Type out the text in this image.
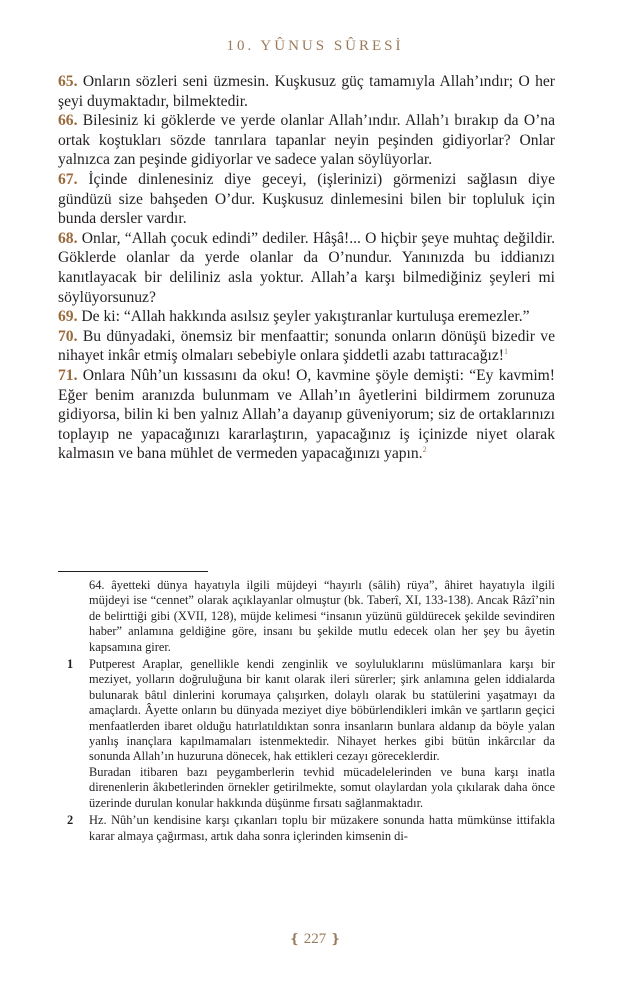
10. YÛNUS SÛRESİ

65. Onların sözleri seni üzmesin. Kuşkusuz güç tamamıyla Allah’ındır; O her şeyi duymaktadır, bilmektedir.

66. Bilesiniz ki göklerde ve yerde olanlar Allah’ındır. Allah’ı bırakıp da O’na ortak koştukları sözde tanrılara tapanlar neyin peşinden gidiyorlar? Onlar yalnızca zan peşinde gidiyorlar ve sadece yalan söylüyorlar.

67. İçinde dinlenesiniz diye geceyi, (işlerinizi) görmenizi sağlasın diye gündüzü size bahşeden O’dur. Kuşkusuz dinlemesini bilen bir topluluk için bunda dersler vardır.

68. Onlar, “Allah çocuk edindi” dediler. Hâşâ!... O hiçbir şeye muhtaç değildir. Göklerde olanlar da yerde olanlar da O’nundur. Yanınızda bu iddianızı kanıtlayacak bir deliliniz asla yoktur. Allah’a karşı bilmediğiniz şeyleri mi söylüyorsunuz?

69. De ki: “Allah hakkında asılsız şeyler yakıştıranlar kurtuluşa eremezler.”

70. Bu dünyadaki, önemsiz bir menfaattir; sonunda onların dönüşü bizedir ve nihayet inkâr etmiş olmaları sebebiyle onlara şiddetli azabı tattıracağız!$^1$

71. Onlara Nûh’un kıssasını da oku! O, kavmine şöyle demişti: “Ey kavmim! Eğer benim aranızda bulunmam ve Allah’ın âyetlerini bildirmem zorunuza gidiyorsa, bilin ki ben yalnız Allah’a dayanıp güveniyorum; siz de ortaklarınızı toplayıp ne yapacağınızı kararlaştırın, yapacağınız iş içinizde niyet olarak kalmasın ve bana mühlet de vermeden yapacağınızı yapın.$^2$

64. âyetteki dünya hayatıyla ilgili müjdeyi “hayırlı (sâlih) rüya”, âhiret hayatıyla ilgili müjdeyi ise “cennet” olarak açıklayanlar olmuştur (bk. Taberî, XI, 133-138). Ancak Râzî’nin de belirttiği gibi (XVII, 128), müjde kelimesi “insanın yüzünü güldürecek şekilde sevindiren haber” anlamına geldiğine göre, insanı bu şekilde mutlu edecek olan her şey bu âyetin kapsamına girer.

1 Putperest Araplar, genellikle kendi zenginlik ve soyluluklarını müslümanlara karşı bir meziyet, yolların doğruluğuna bir kanıt olarak ileri sürerler; şirk anlamına gelen iddialarda bulunarak bâtıl dinlerini korumaya çalışırken, dolaylı olarak bu statülerini yaşatmayı da amaçlardı. Âyette onların bu dünyada meziyet diye böbürlendikleri imkân ve şartların geçici menfaatlerden ibaret olduğu hatırlatıldıktan sonra insanların bunlara aldanıp da böyle yalan yanlış inançlara kapılmamaları istenmektedir. Nihayet herkes gibi bütün inkârcılar da sonunda Allah’ın huzuruna dönecek, hak ettikleri cezayı göreceklerdir.

Buradan itibaren bazı peygamberlerin tevhid mücadelelerinden ve buna karşı inatla direnenlerin âkıbetlerinden örnekler getirilmekte, somut olaylardan yola çıkılarak daha önce üzerinde durulan konular hakkında düşünme fırsatı sağlanmaktadır.

2 Hz. Nûh’un kendisine karşı çıkanları toplu bir müzakere sonunda hatta mümkünse ittifakla karar almaya çağırması, artık daha sonra içlerinden kimsenin di-

❴ 227 ❵
